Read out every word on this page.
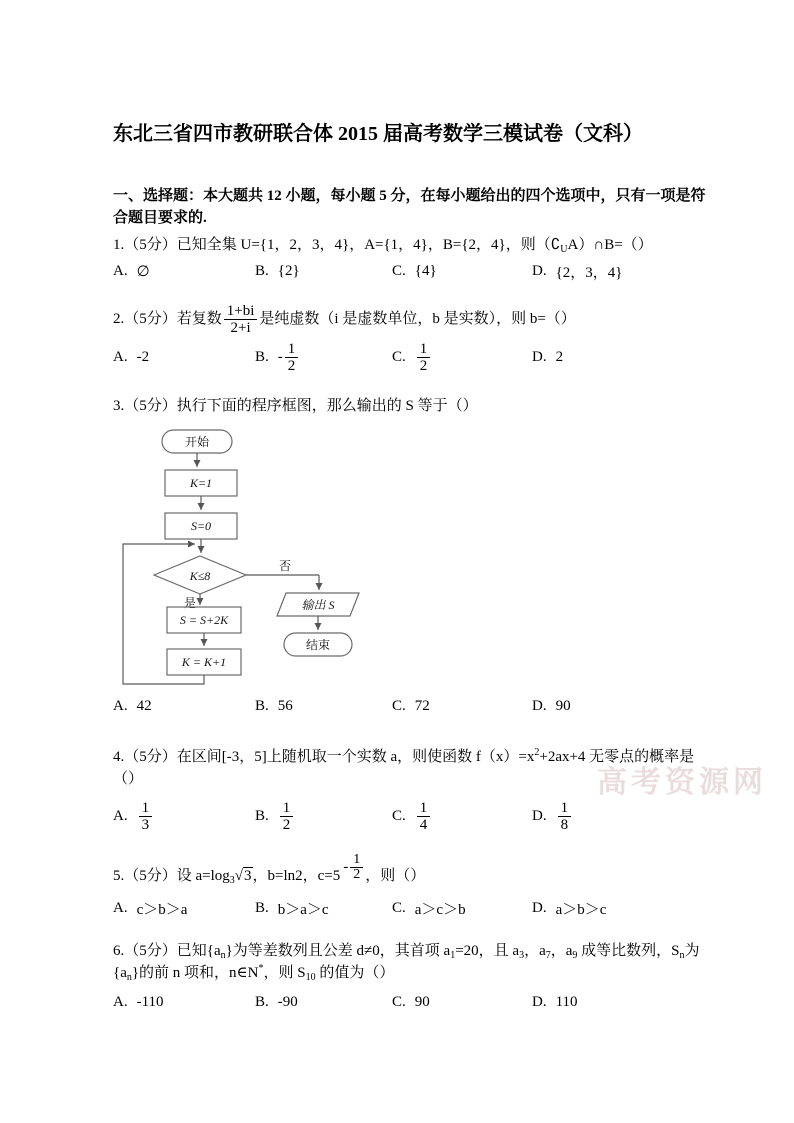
东北三省四市教研联合体 2015 届高考数学三模试卷（文科）
一、选择题：本大题共 12 小题，每小题 5 分，在每小题给出的四个选项中，只有一项是符合题目要求的.
1.（5分）已知全集 U={1，2，3，4}，A={1，4}，B={2，4}，则$(∁_UA)\cap B=()$
A. ∅	B. {2}	C. {4}	D. {2，3，4}
2.（5分）若复数 $\frac{1+bi}{2+i}$ 是纯虚数（i 是虚数单位，b 是实数），则 b=（）
A. -2	B. - $\frac{1}{2}$	C. $\frac{1}{2}$	D. 2
3.（5分）执行下面的程序框图，那么输出的 S 等于（）
开始
K=1
S=0
K≤8
否
输出 S
结束
是
S = S+2K
K = K+1
A. 42	B. 56	C. 72	D. 90
4.（5分）在区间[-3，5]上随机取一个实数 a，则使函数 $f(x)=x^2+2ax+4$ 无零点的概率是（）
A. $\frac{1}{3}$	B. $\frac{1}{2}$	C. $\frac{1}{4}$	D. $\frac{1}{8}$
5.（5分）设 $a=\log_3√3$，b=ln2，c=5
- $\frac{1}{2}$ ，则（）
A. c＞b＞a	B. b＞a＞c	C. a＞c＞b	D. a＞b＞c
6.（5分）已知$\{a_n\}$为等差数列且公差 d≠0，其首项 $a_1=20$，且 $a_3$，$a_7$，$a_9$ 成等比数列，$S_n$为$\{a_n\}$的前 n 项和，n∈N*，则 $S_{10}$ 的值为（）
A. -110	B. -90	C. 90	D. 110
高考资源网
